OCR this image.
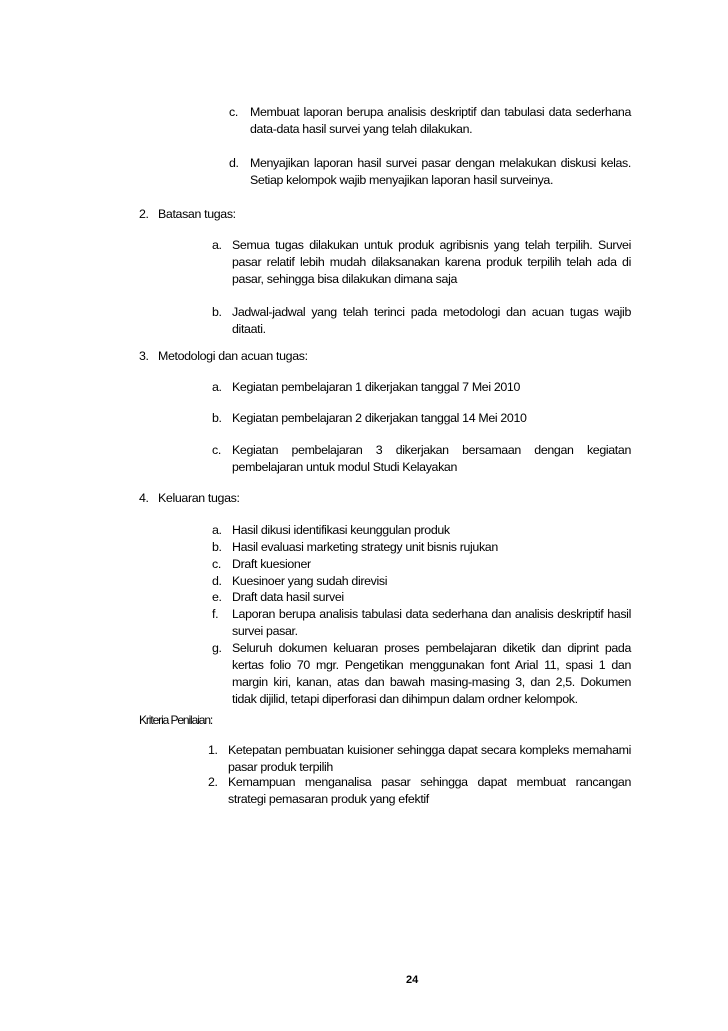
c. Membuat laporan berupa analisis deskriptif dan tabulasi data sederhana data-data hasil survei yang telah dilakukan.
d. Menyajikan laporan hasil survei pasar dengan melakukan diskusi kelas. Setiap kelompok wajib menyajikan laporan hasil surveinya.
2. Batasan tugas:
a. Semua tugas dilakukan untuk produk agribisnis yang telah terpilih. Survei pasar relatif lebih mudah dilaksanakan karena produk terpilih telah ada di pasar, sehingga bisa dilakukan dimana saja
b. Jadwal-jadwal yang telah terinci pada metodologi dan acuan tugas wajib ditaati.
3. Metodologi dan acuan tugas:
a. Kegiatan pembelajaran 1 dikerjakan tanggal 7 Mei 2010
b. Kegiatan pembelajaran 2 dikerjakan tanggal 14 Mei 2010
c. Kegiatan pembelajaran 3 dikerjakan bersamaan dengan kegiatan pembelajaran untuk modul Studi Kelayakan
4. Keluaran tugas:
a. Hasil dikusi identifikasi keunggulan produk
b. Hasil evaluasi marketing strategy unit bisnis rujukan
c. Draft kuesioner
d. Kuesinoer yang sudah direvisi
e. Draft data hasil survei
f. Laporan berupa analisis tabulasi data sederhana dan analisis deskriptif hasil survei pasar.
g. Seluruh dokumen keluaran proses pembelajaran diketik dan diprint pada kertas folio 70 mgr. Pengetikan menggunakan font Arial 11, spasi 1 dan margin kiri, kanan, atas dan bawah masing-masing 3, dan 2,5. Dokumen tidak dijilid, tetapi diperforasi dan dihimpun dalam ordner kelompok.
Kriteria Penilaian:
1. Ketepatan pembuatan kuisioner sehingga dapat secara kompleks memahami pasar produk terpilih
2. Kemampuan menganalisa pasar sehingga dapat membuat rancangan strategi pemasaran produk yang efektif
24
